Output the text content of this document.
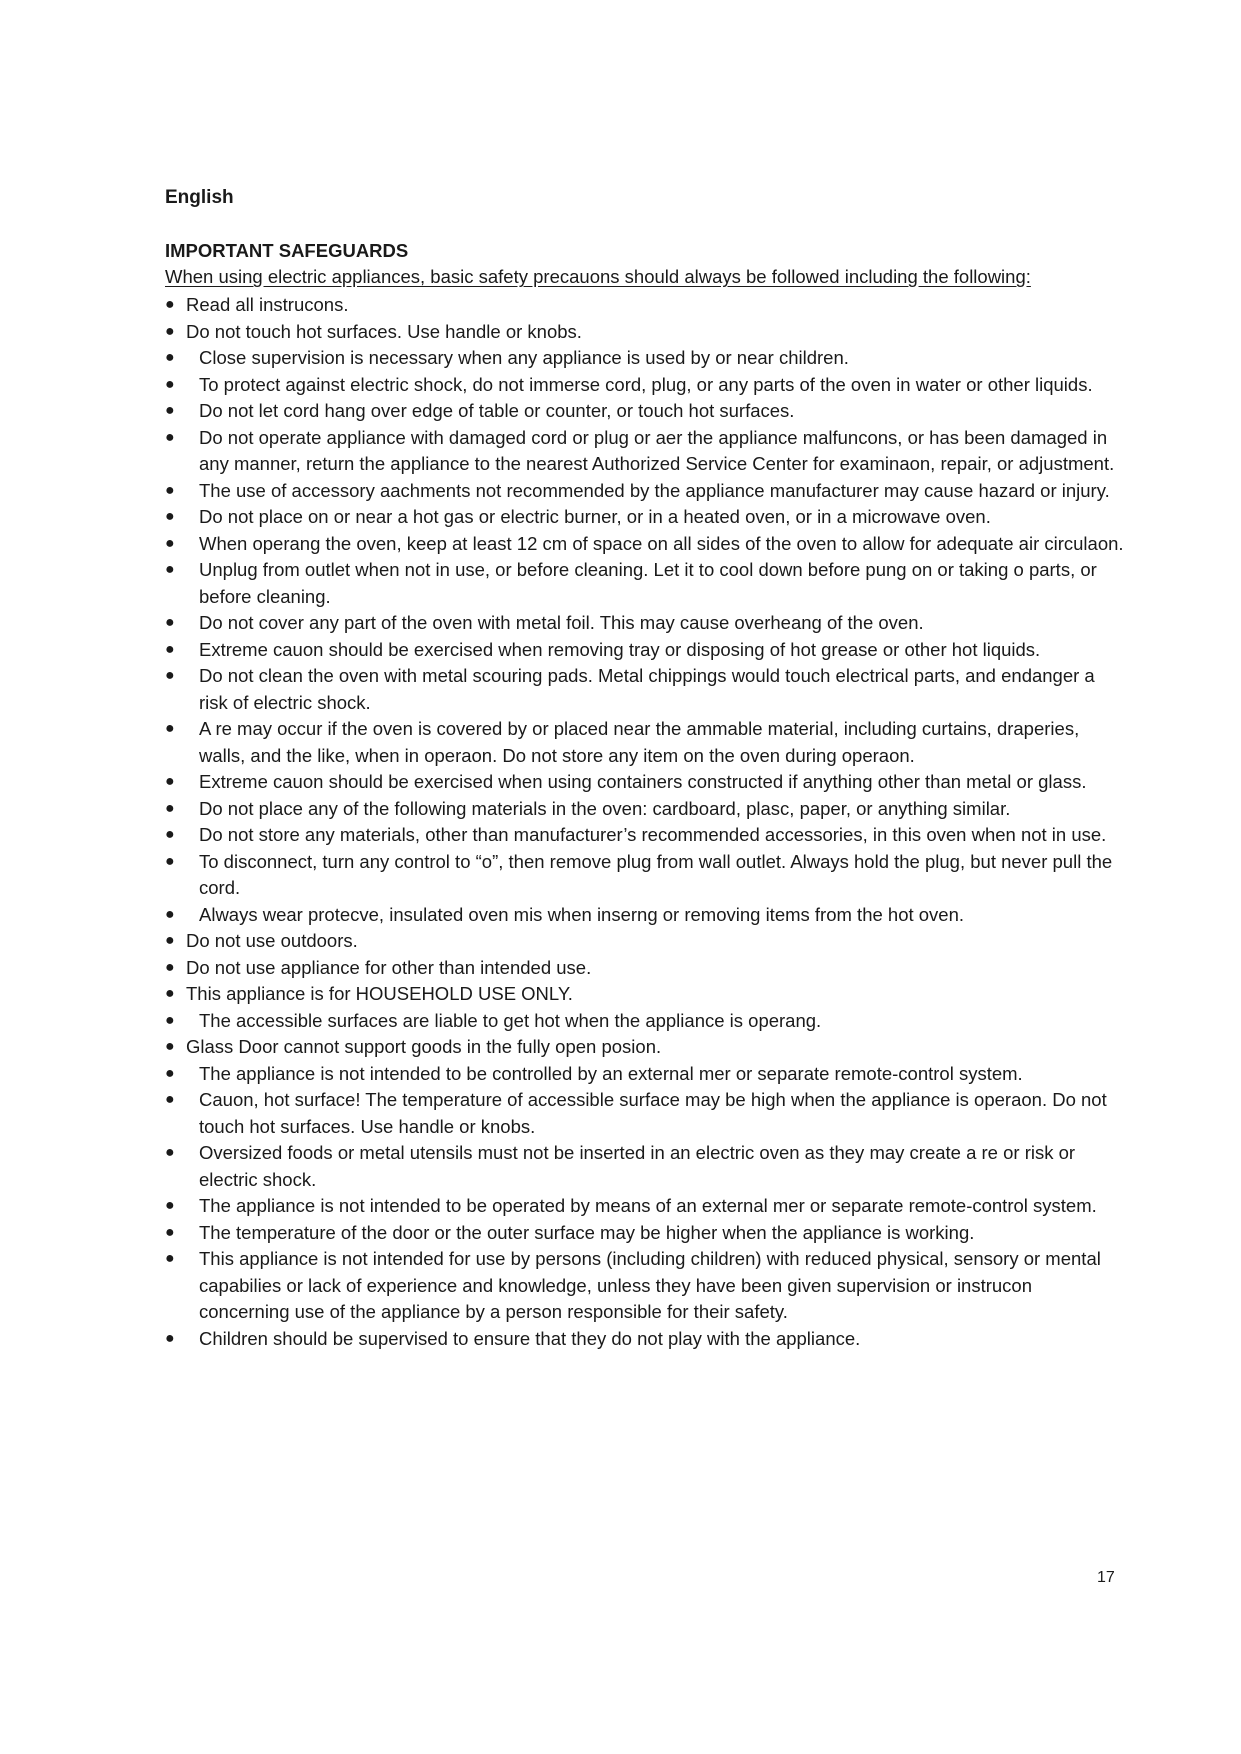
English

IMPORTANT SAFEGUARDS

When using electric appliances, basic safety precauons should always be followed including the following:

● Read all instrucons.
● Do not touch hot surfaces. Use handle or knobs.
● Close supervision is necessary when any appliance is used by or near children.
● To protect against electric shock, do not immerse cord, plug, or any parts of the oven in water or other liquids.
● Do not let cord hang over edge of table or counter, or touch hot surfaces.
● Do not operate appliance with damaged cord or plug or aer the appliance malfuncons, or has been damaged in any manner, return the appliance to the nearest Authorized Service Center for examinaon, repair, or adjustment.
● The use of accessory aachments not recommended by the appliance manufacturer may cause hazard or injury.
● Do not place on or near a hot gas or electric burner, or in a heated oven, or in a microwave oven.
● When operang the oven, keep at least 12 cm of space on all sides of the oven to allow for adequate air circulaon.
● Unplug from outlet when not in use, or before cleaning. Let it to cool down before pung on or taking o parts, or before cleaning.
● Do not cover any part of the oven with metal foil. This may cause overheang of the oven.
● Extreme cauon should be exercised when removing tray or disposing of hot grease or other hot liquids.
● Do not clean the oven with metal scouring pads. Metal chippings would touch electrical parts, and endanger a risk of electric shock.
● A re may occur if the oven is covered by or placed near the ammable material, including curtains, draperies, walls, and the like, when in operaon. Do not store any item on the oven during operaon.
● Extreme cauon should be exercised when using containers constructed if anything other than metal or glass.
● Do not place any of the following materials in the oven: cardboard, plasc, paper, or anything similar.
● Do not store any materials, other than manufacturer’s recommended accessories, in this oven when not in use.
● To disconnect, turn any control to “o”, then remove plug from wall outlet. Always hold the plug, but never pull the cord.
● Always wear protecve, insulated oven mis when inserng or removing items from the hot oven.
● Do not use outdoors.
● Do not use appliance for other than intended use.
● This appliance is for HOUSEHOLD USE ONLY.
● The accessible surfaces are liable to get hot when the appliance is operang.
● Glass Door cannot support goods in the fully open posion.
● The appliance is not intended to be controlled by an external mer or separate remote-control system.
● Cauon, hot surface! The temperature of accessible surface may be high when the appliance is operaon. Do not touch hot surfaces. Use handle or knobs.
● Oversized foods or metal utensils must not be inserted in an electric oven as they may create a re or risk or electric shock.
● The appliance is not intended to be operated by means of an external mer or separate remote-control system.
● The temperature of the door or the outer surface may be higher when the appliance is working.
● This appliance is not intended for use by persons (including children) with reduced physical, sensory or mental capabilies or lack of experience and knowledge, unless they have been given supervision or instrucon concerning use of the appliance by a person responsible for their safety.
● Children should be supervised to ensure that they do not play with the appliance.

17
